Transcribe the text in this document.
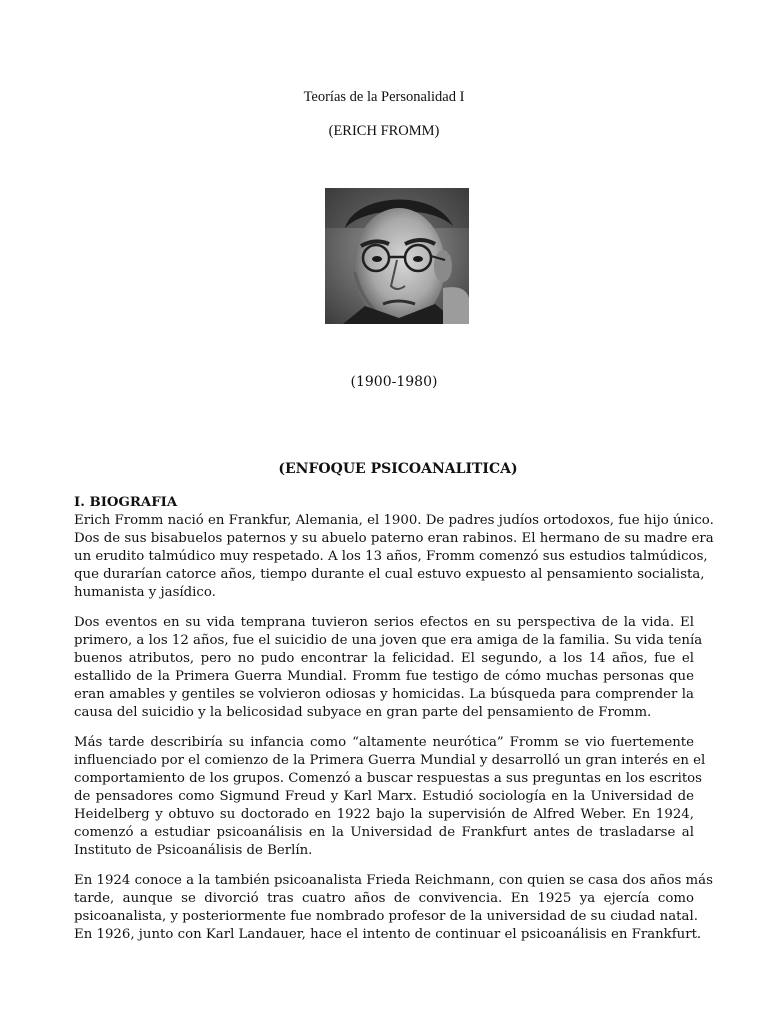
Teorías de la Personalidad I
(ERICH FROMM)
(1900-1980)
(ENFOQUE PSICOANALITICA)
I. BIOGRAFIA
Erich Fromm nació en Frankfur, Alemania, el 1900. De padres judíos ortodoxos, fue hijo único.
Dos de sus bisabuelos paternos y su abuelo paterno eran rabinos. El hermano de su madre era
un erudito talmúdico muy respetado. A los 13 años, Fromm comenzó sus estudios talmúdicos,
que durarían catorce años, tiempo durante el cual estuvo expuesto al pensamiento socialista,
humanista y jasídico.
Dos eventos en su vida temprana tuvieron serios efectos en su perspectiva de la vida. El
primero, a los 12 años, fue el suicidio de una joven que era amiga de la familia. Su vida tenía
buenos atributos, pero no pudo encontrar la felicidad. El segundo, a los 14 años, fue el
estallido de la Primera Guerra Mundial. Fromm fue testigo de cómo muchas personas que
eran amables y gentiles se volvieron odiosas y homicidas. La búsqueda para comprender la
causa del suicidio y la belicosidad subyace en gran parte del pensamiento de Fromm.
Más tarde describiría su infancia como “altamente neurótica” Fromm se vio fuertemente
influenciado por el comienzo de la Primera Guerra Mundial y desarrolló un gran interés en el
comportamiento de los grupos. Comenzó a buscar respuestas a sus preguntas en los escritos
de pensadores como Sigmund Freud y Karl Marx. Estudió sociología en la Universidad de
Heidelberg y obtuvo su doctorado en 1922 bajo la supervisión de Alfred Weber. En 1924,
comenzó a estudiar psicoanálisis en la Universidad de Frankfurt antes de trasladarse al
Instituto de Psicoanálisis de Berlín.
En 1924 conoce a la también psicoanalista Frieda Reichmann, con quien se casa dos años más
tarde, aunque se divorció tras cuatro años de convivencia. En 1925 ya ejercía como
psicoanalista, y posteriormente fue nombrado profesor de la universidad de su ciudad natal.
En 1926, junto con Karl Landauer, hace el intento de continuar el psicoanálisis en Frankfurt.
